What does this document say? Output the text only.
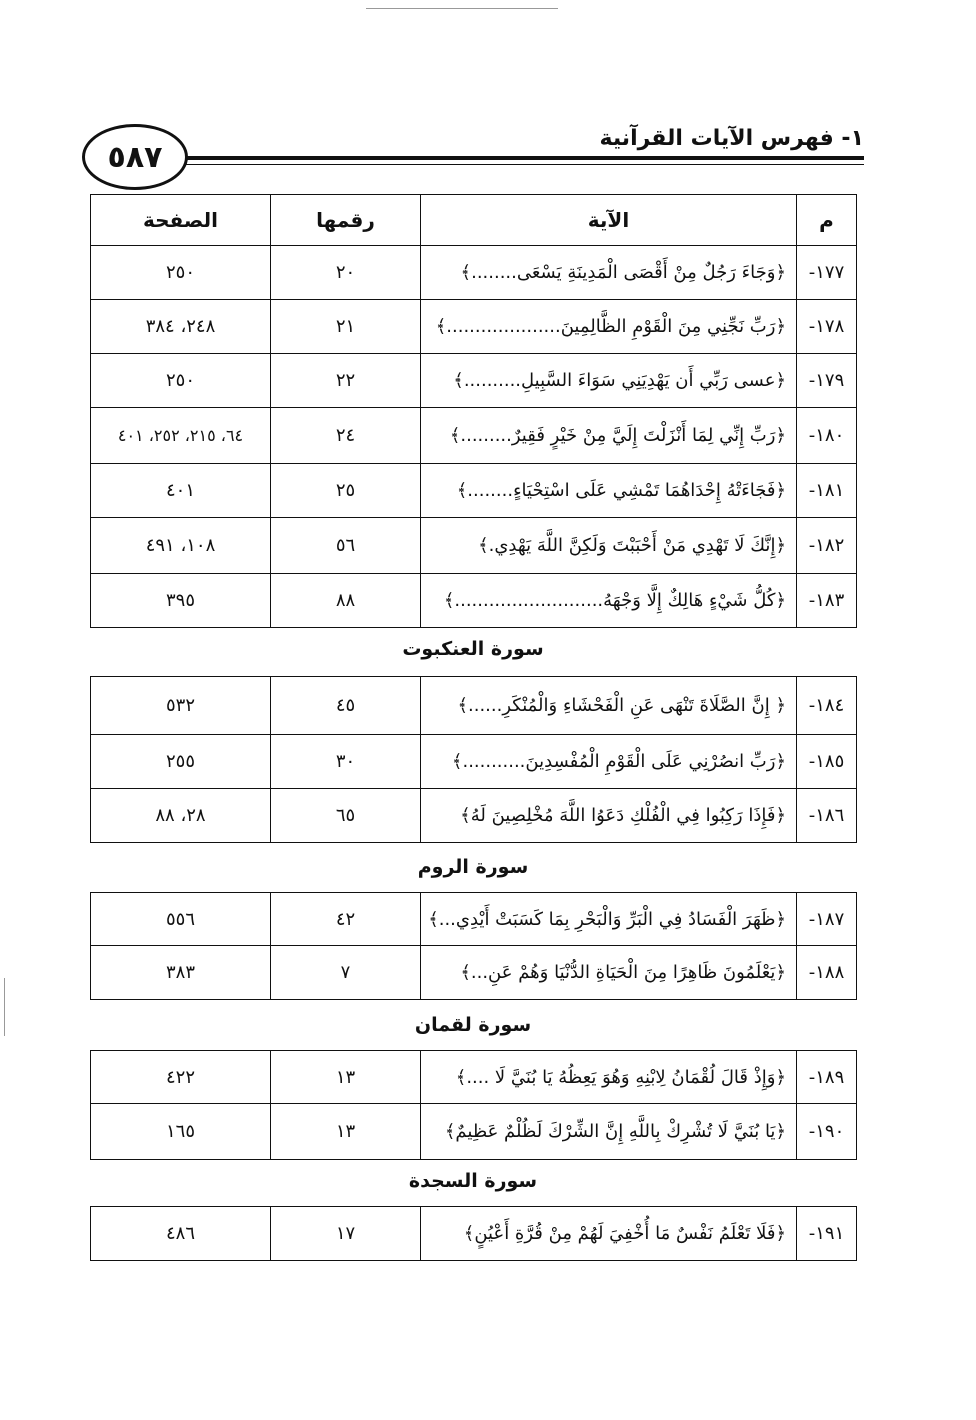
٥٨٧
١- فهرس الآيات القرآنية
م	الآية	رقمها	الصفحة
١٧٧-	﴿وَجَاءَ رَجُلٌ مِنْ أَقْصَى الْمَدِينَةِ يَسْعَى........﴾	٢٠	٢٥٠
١٧٨-	﴿رَبِّ نَجِّنِي مِنَ الْقَوْمِ الظَّالِمِينَ....................﴾	٢١	٢٤٨، ٣٨٤
١٧٩-	﴿عسى رَبِّي أَن يَهْدِيَنِي سَوَاءَ السَّبِيلِ..........﴾	٢٢	٢٥٠
١٨٠-	﴿رَبِّ إِنِّي لِمَا أَنْزَلْتَ إِلَيَّ مِنْ خَيْرٍ فَقِيرٌ.........﴾	٢٤	٦٤، ٢١٥، ٢٥٢، ٤٠١
١٨١-	﴿فَجَاءَتْهُ إِحْدَاهُمَا تَمْشِي عَلَى اسْتِحْيَاءٍ........﴾	٢٥	٤٠١
١٨٢-	﴿إِنَّكَ لَا تَهْدِي مَنْ أَحْبَبْتَ وَلَكِنَّ اللَّهَ يَهْدِي.﴾	٥٦	١٠٨، ٤٩١
١٨٣-	﴿كُلُّ شَيْءٍ هَالِكٌ إِلَّا وَجْهَهُ..........................﴾	٨٨	٣٩٥
سورة العنكبوت
١٨٤-	﴿ إِنَّ الصَّلَاةَ تَنْهَى عَنِ الْفَحْشَاءِ وَالْمُنْكَرِ......﴾	٤٥	٥٣٢
١٨٥-	﴿رَبِّ انصُرْنِي عَلَى الْقَوْمِ الْمُفْسِدِينَ...........﴾	٣٠	٢٥٥
١٨٦-	﴿فَإِذَا رَكِبُوا فِي الْفُلْكِ دَعَوُا اللَّهَ مُخْلِصِينَ لَهُ﴾	٦٥	٢٨، ٨٨
سورة الروم
١٨٧-	﴿ظَهَرَ الْفَسَادُ فِي الْبَرِّ وَالْبَحْرِ بِمَا كَسَبَتْ أَيْدِي...﴾	٤٢	٥٥٦
١٨٨-	﴿يَعْلَمُونَ ظَاهِرًا مِنَ الْحَيَاةِ الدُّنْيَا وَهُمْ عَنِ...﴾	٧	٣٨٣
سورة لقمان
١٨٩-	﴿وَإِذْ قَالَ لُقْمَانُ لِابْنِهِ وَهُوَ يَعِظُهُ يَا بُنَيَّ لَا ....﴾	١٣	٤٢٢
١٩٠-	﴿يَا بُنَيَّ لَا تُشْرِكْ بِاللَّهِ إِنَّ الشِّرْكَ لَظُلْمٌ عَظِيمٌ﴾	١٣	١٦٥
سورة السجدة
١٩١-	﴿فَلَا تَعْلَمُ نَفْسٌ مَا أُخْفِيَ لَهُمْ مِنْ قُرَّةِ أَعْيُنٍ﴾	١٧	٤٨٦
